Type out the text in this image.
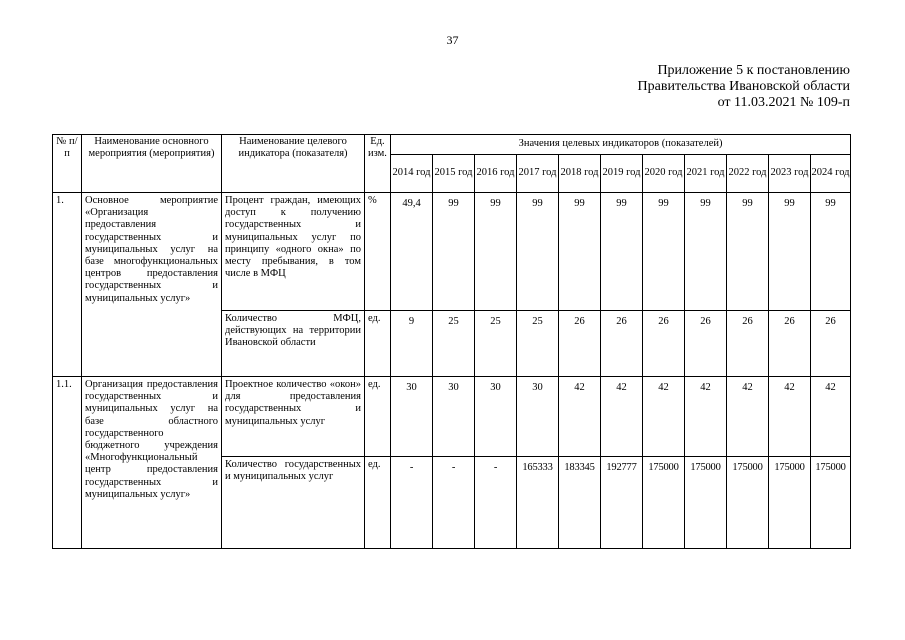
37
Приложение 5 к постановлению
Правительства Ивановской области
от 11.03.2021 № 109-п
№ п/п	Наименование основного мероприятия (мероприятия)	Наименование целевого индикатора (показателя)	Ед. изм.	Значения целевых индикаторов (показателей)										
				2014 год	2015 год	2016 год	2017 год	2018 год	2019 год	2020 год	2021 год	2022 год	2023 год	2024 год
1.	Основное мероприятие «Организация предоставления государственных и муниципальных услуг на базе многофункциональных центров предоставления государственных и муниципальных услуг»	Процент граждан, имеющих доступ к получению государственных и муниципальных услуг по принципу «одного окна» по месту пребывания, в том числе в МФЦ	%	49,4	99	99	99	99	99	99	99	99	99	99
		Количество МФЦ, действующих на территории Ивановской области	ед.	9	25	25	25	26	26	26	26	26	26	26
1.1.	Организация предоставления государственных и муниципальных услуг на базе областного государственного бюджетного учреждения «Многофункциональный центр предоставления государственных и муниципальных услуг»	Проектное количество «окон» для предоставления государственных и муниципальных услуг	ед.	30	30	30	30	42	42	42	42	42	42	42
		Количество государственных и муниципальных услуг	ед.	-	-	-	165333	183345	192777	175000	175000	175000	175000	175000
